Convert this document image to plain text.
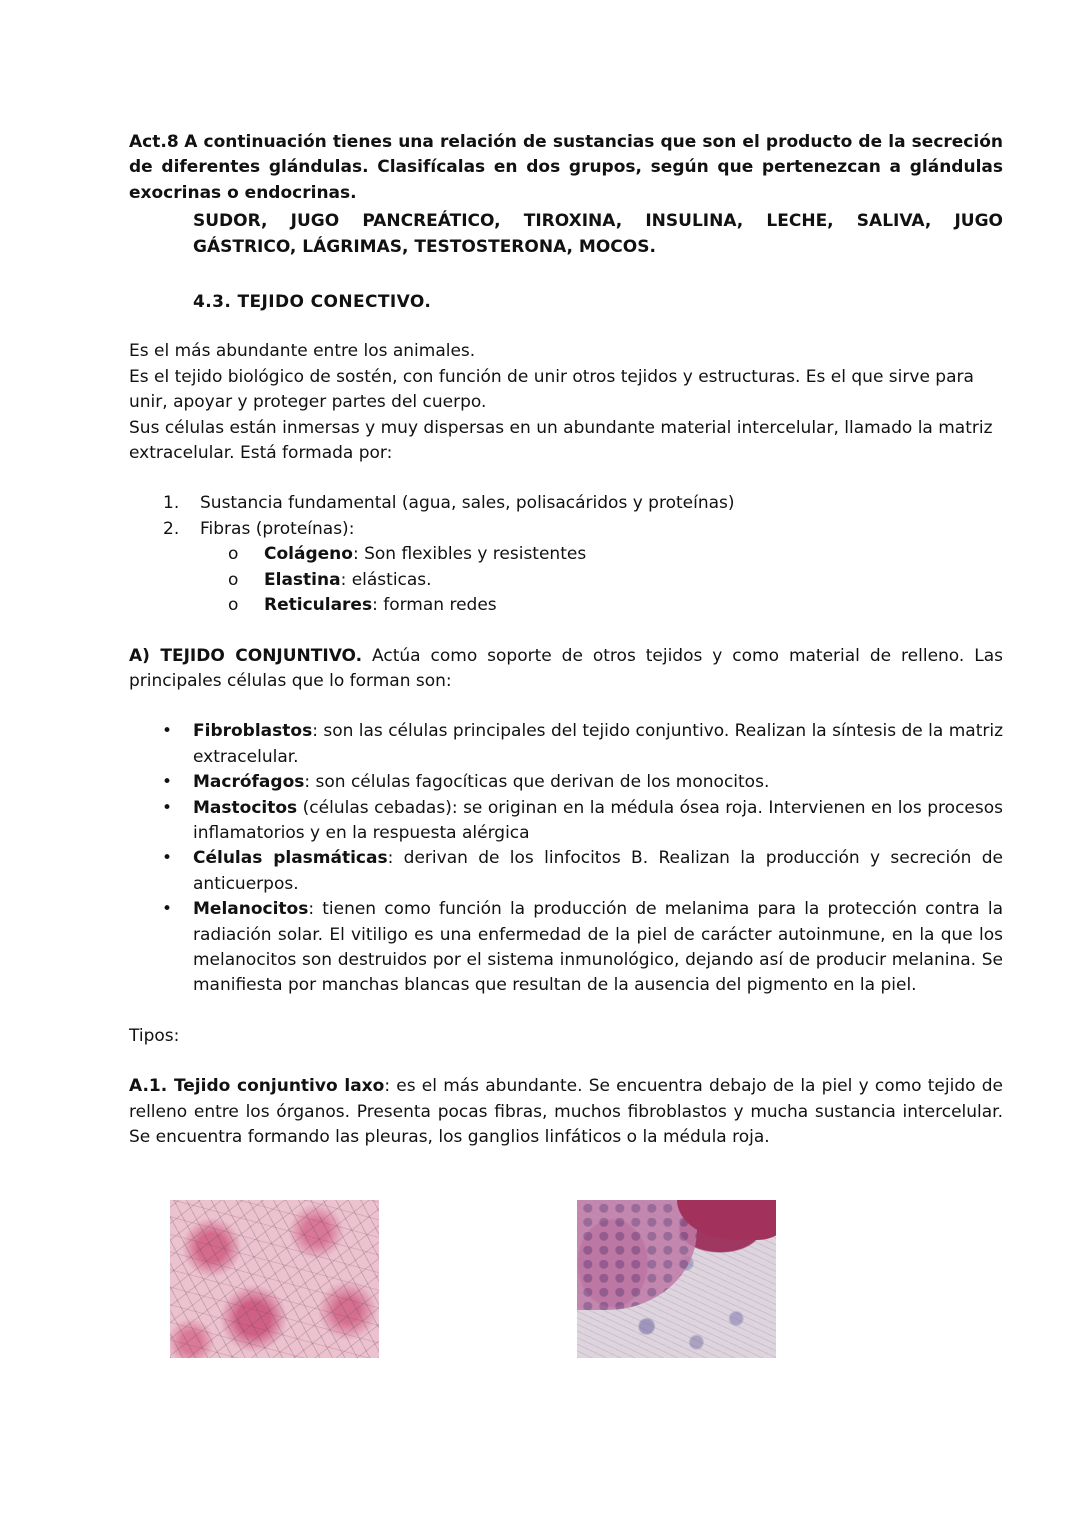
Act.8 A continuación tienes una relación de sustancias que son el producto de la secreción de diferentes glándulas. Clasifícalas en dos grupos, según que pertenezcan a glándulas exocrinas o endocrinas.

SUDOR, JUGO PANCREÁTICO, TIROXINA, INSULINA, LECHE, SALIVA, JUGO

GÁSTRICO, LÁGRIMAS, TESTOSTERONA, MOCOS.

4.3. TEJIDO CONECTIVO.

Es el más abundante entre los animales.

Es el tejido biológico de sostén, con función de unir otros tejidos y estructuras. Es el que sirve para unir, apoyar y proteger partes del cuerpo.

Sus células están inmersas y muy dispersas en un abundante material intercelular, llamado la matriz extracelular. Está formada por:

1. Sustancia fundamental (agua, sales, polisacáridos y proteínas)
2. Fibras (proteínas):
o Colágeno: Son flexibles y resistentes
o Elastina: elásticas.
o Reticulares: forman redes

A) TEJIDO CONJUNTIVO. Actúa como soporte de otros tejidos y como material de relleno. Las principales células que lo forman son:

• Fibroblastos: son las células principales del tejido conjuntivo. Realizan la síntesis de la matriz extracelular.
• Macrófagos: son células fagocíticas que derivan de los monocitos.
• Mastocitos (células cebadas): se originan en la médula ósea roja. Intervienen en los procesos inflamatorios y en la respuesta alérgica
• Células plasmáticas: derivan de los linfocitos B. Realizan la producción y secreción de anticuerpos.
• Melanocitos: tienen como función la producción de melanima para la protección contra la radiación solar. El vitiligo es una enfermedad de la piel de carácter autoinmune, en la que los melanocitos son destruidos por el sistema inmunológico, dejando así de producir melanina. Se manifiesta por manchas blancas que resultan de la ausencia del pigmento en la piel.

Tipos:

A.1. Tejido conjuntivo laxo: es el más abundante. Se encuentra debajo de la piel y como tejido de relleno entre los órganos. Presenta pocas fibras, muchos fibroblastos y mucha sustancia intercelular. Se encuentra formando las pleuras, los ganglios linfáticos o la médula roja.
